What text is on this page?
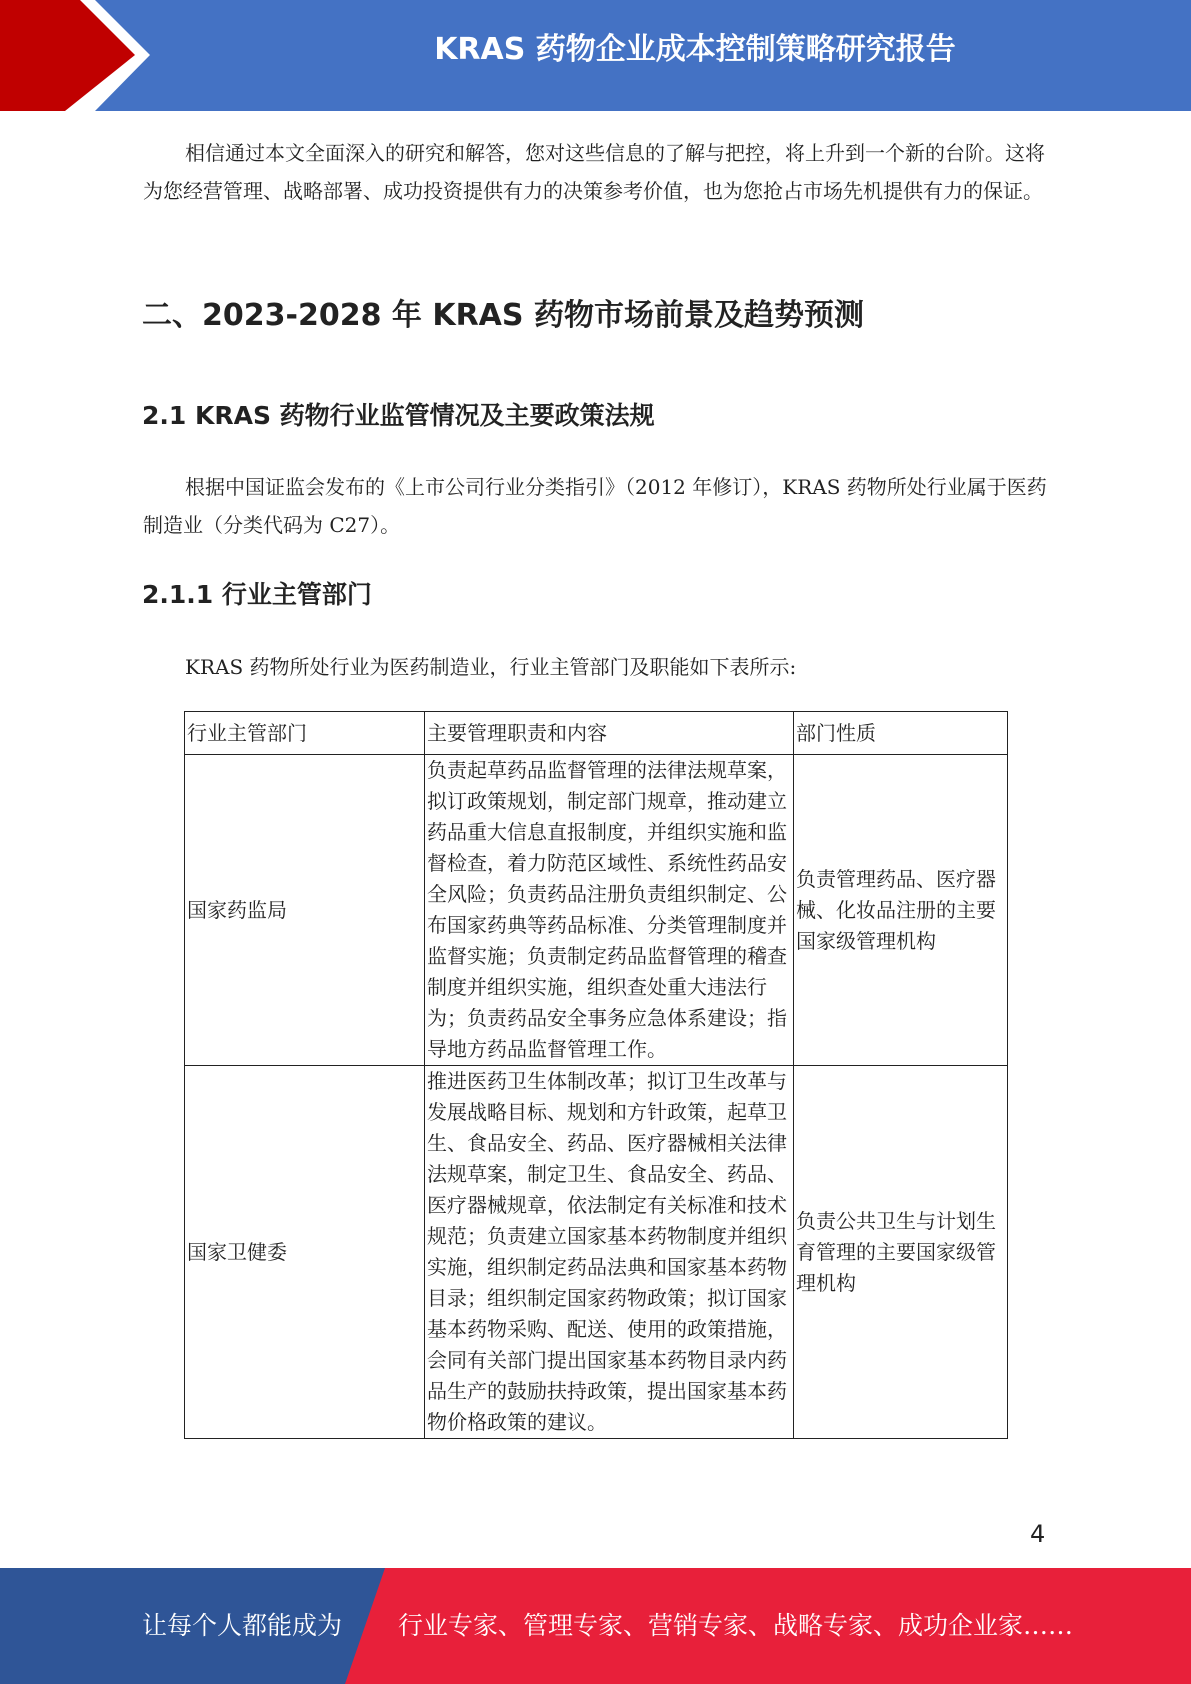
KRAS 药物企业成本控制策略研究报告

相信通过本文全面深入的研究和解答，您对这些信息的了解与把控，将上升到一个新的台阶。这将为您经营管理、战略部署、成功投资提供有力的决策参考价值，也为您抢占市场先机提供有力的保证。

二、2023-2028 年 KRAS 药物市场前景及趋势预测
2.1 KRAS 药物行业监管情况及主要政策法规

根据中国证监会发布的《上市公司行业分类指引》（2012 年修订），KRAS 药物所处行业属于医药制造业（分类代码为 C27）。

2.1.1 行业主管部门

KRAS 药物所处行业为医药制造业，行业主管部门及职能如下表所示:

行业主管部门	主要管理职责和内容	部门性质
国家药监局	负责起草药品监督管理的法律法规草案，拟订政策规划，制定部门规章，推动建立药品重大信息直报制度，并组织实施和监督检查，着力防范区域性、系统性药品安全风险；负责药品注册负责组织制定、公布国家药典等药品标准、分类管理制度并监督实施；负责制定药品监督管理的稽查制度并组织实施，组织查处重大违法行为；负责药品安全事务应急体系建设；指导地方药品监督管理工作。	负责管理药品、医疗器械、化妆品注册的主要国家级管理机构
国家卫健委	推进医药卫生体制改革；拟订卫生改革与发展战略目标、规划和方针政策，起草卫生、食品安全、药品、医疗器械相关法律法规草案，制定卫生、食品安全、药品、医疗器械规章，依法制定有关标准和技术规范；负责建立国家基本药物制度并组织实施，组织制定药品法典和国家基本药物目录；组织制定国家药物政策；拟订国家基本药物采购、配送、使用的政策措施，会同有关部门提出国家基本药物目录内药品生产的鼓励扶持政策，提出国家基本药物价格政策的建议。	负责公共卫生与计划生育管理的主要国家级管理机构
4
让每个人都能成为 行业专家、管理专家、营销专家、战略专家、成功企业家……
